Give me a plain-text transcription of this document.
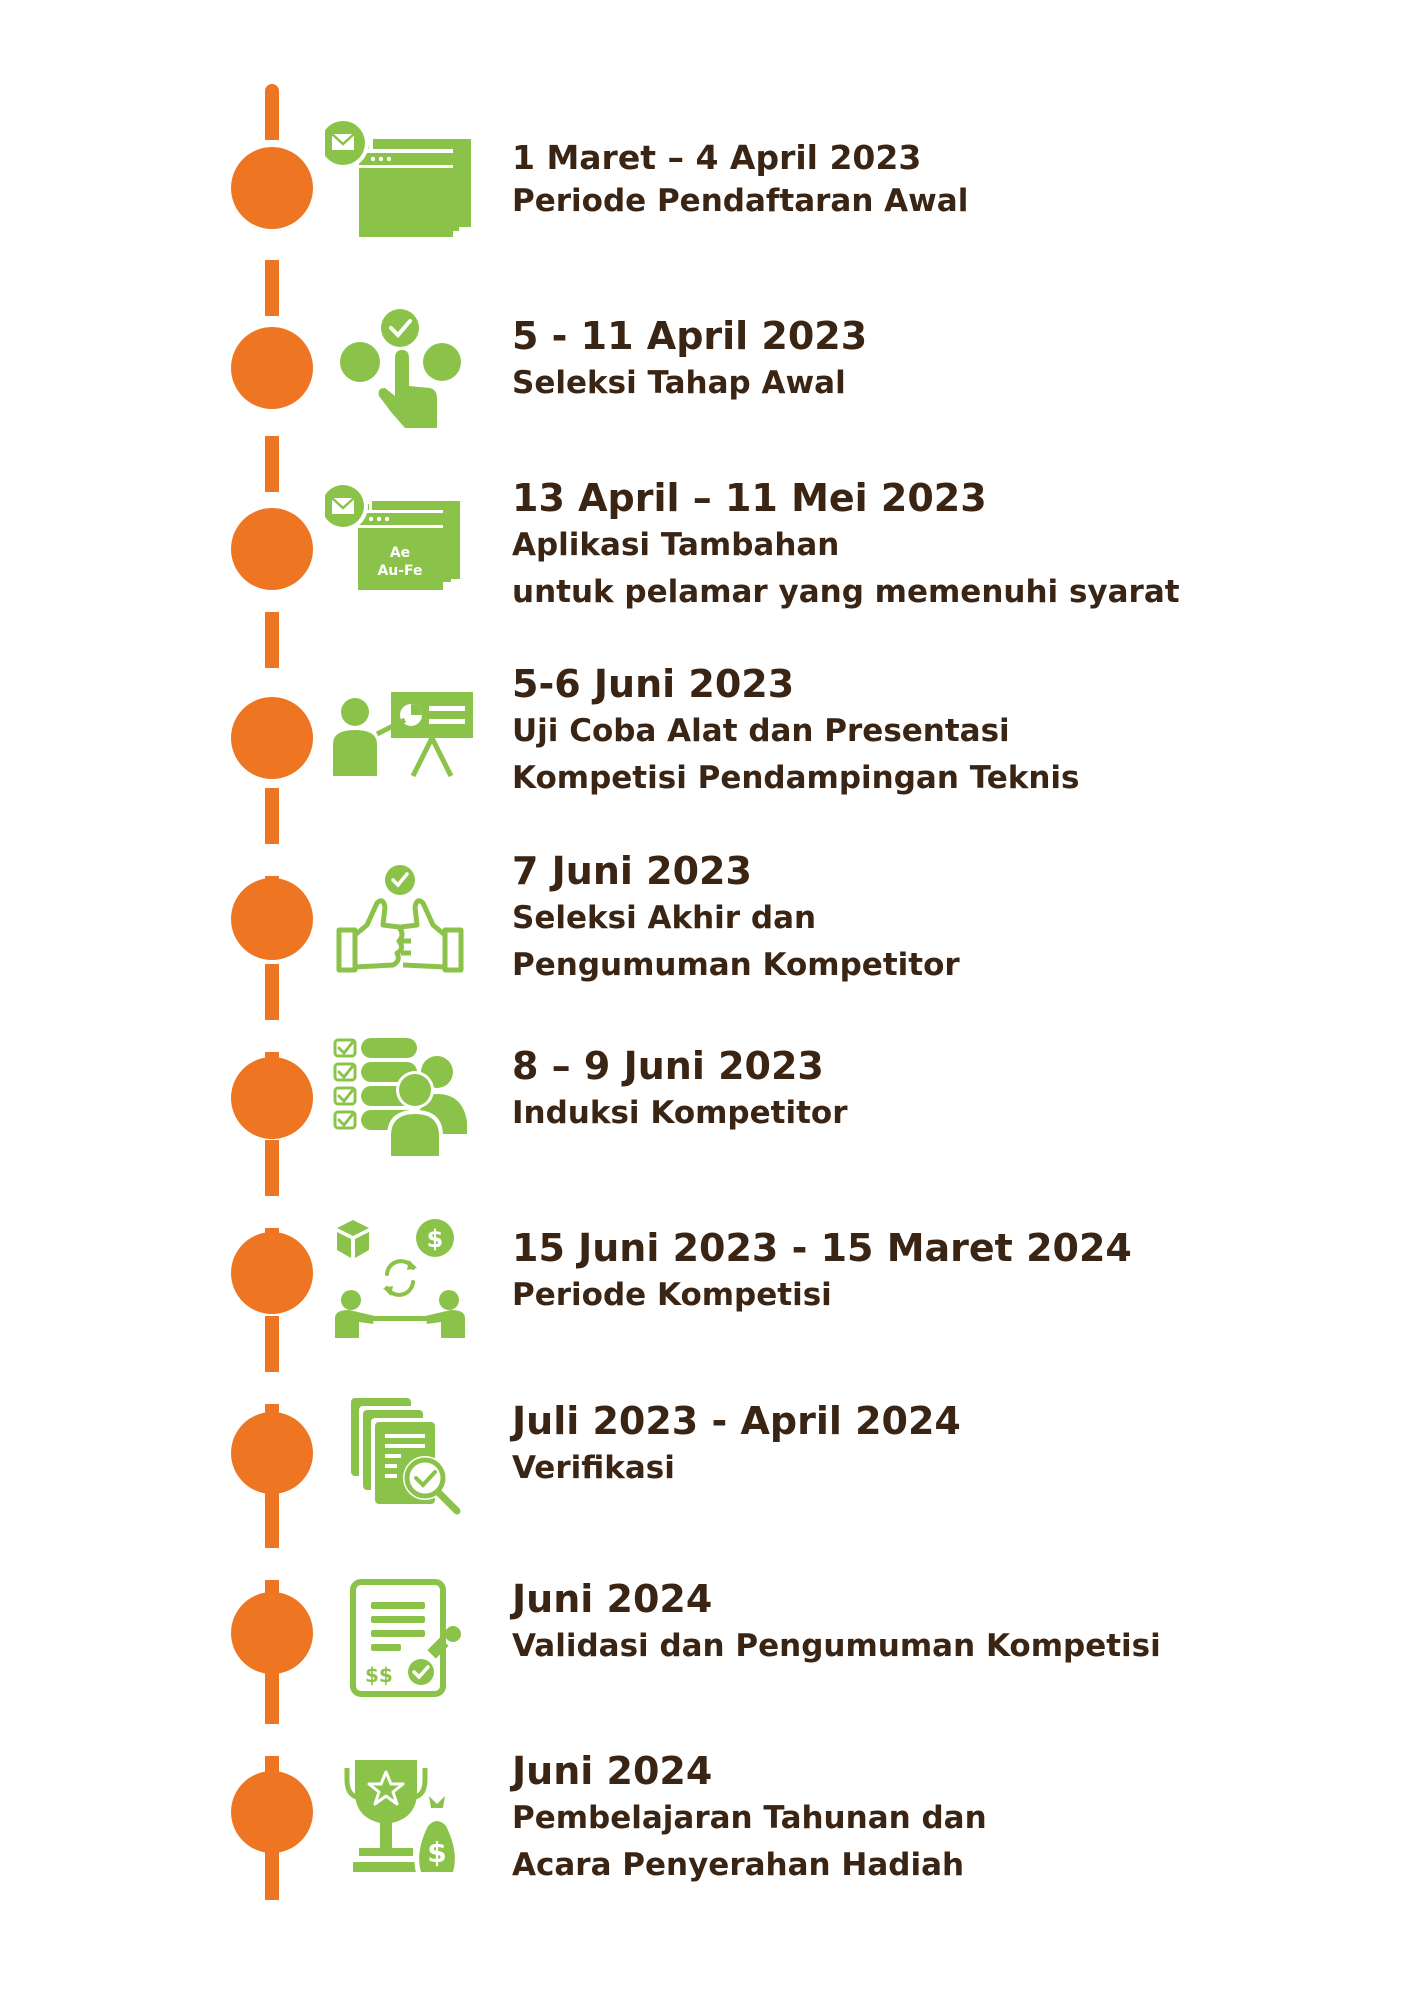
1 Maret – 4 April 2023
Periode Pendaftaran Awal
5 - 11 April 2023
Seleksi Tahap Awal
Ae
Au-Fe
13 April – 11 Mei 2023
Aplikasi Tambahan
untuk pelamar yang memenuhi syarat
5-6 Juni 2023
Uji Coba Alat dan Presentasi
Kompetisi Pendampingan Teknis
7 Juni 2023
Seleksi Akhir dan
Pengumuman Kompetitor
8 – 9 Juni 2023
Induksi Kompetitor
$ 15 Juni 2023 - 15 Maret 2024
Periode Kompetisi
Juli 2023 - April 2024
Verifikasi
$$
Juni 2024
Validasi dan Pengumuman Kompetisi
$
Juni 2024
Pembelajaran Tahunan dan
Acara Penyerahan Hadiah
